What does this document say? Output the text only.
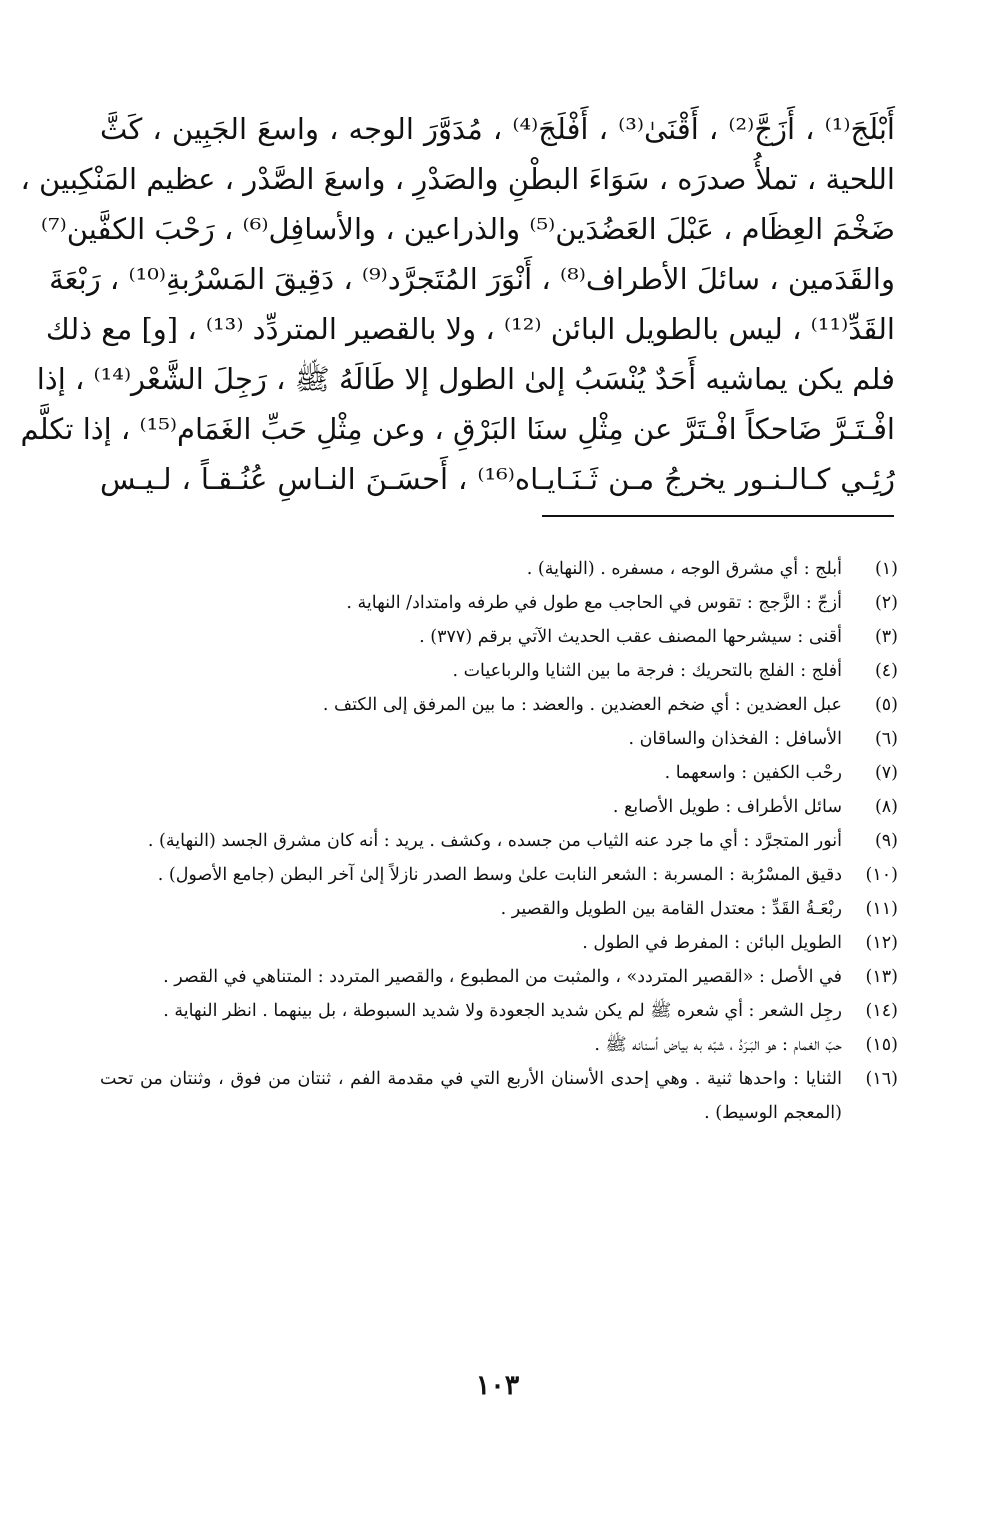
أَبْلَجَ⁽¹⁾ ، أَزَجَّ⁽²⁾ ، أَقْنَىٰ⁽³⁾ ، أَفْلَجَ⁽⁴⁾ ، مُدَوَّرَ الوجه ، واسعَ الجَبِين ، كَثَّ
اللحية ، تملأُ صدرَه ، سَوَاءَ البطْنِ والصَدْرِ ، واسعَ الصَّدْر ، عظيم المَنْكِبين ،
ضَخْمَ العِظَام ، عَبْلَ العَضُدَين⁽⁵⁾ والذراعين ، والأسافِل⁽⁶⁾ ، رَحْبَ الكفَّين⁽⁷⁾
والقَدَمين ، سائلَ الأطراف⁽⁸⁾ ، أَنْوَرَ المُتَجرَّد⁽⁹⁾ ، دَقِيقَ المَسْرُبةِ⁽¹⁰⁾ ، رَبْعَةَ
القَدِّ⁽¹¹⁾ ، ليس بالطويل البائن ⁽¹²⁾ ، ولا بالقصير المتردِّد ⁽¹³⁾ ، [و] مع ذلك
فلم يكن يماشيه أَحَدٌ يُنْسَبُ إلىٰ الطول إلا طَالَهُ ﷺ ، رَجِلَ الشَّعْر⁽¹⁴⁾ ، إذا
افْـتَـرَّ ضَاحكاً افْـتَرَّ عن مِثْلِ سنَا البَرْقِ ، وعن مِثْلِ حَبِّ الغَمَام⁽¹⁵⁾ ، إذا تكلَّم
رُئِـي كـالـنـور يخرجُ مـن ثَـنَـايـاه⁽¹⁶⁾ ، أَحسَـنَ النـاسِ عُنُـقـاً ، لـيـس
(١)
أبلج : أي مشرق الوجه ، مسفره . (النهاية) .
(٢)
أزجّ : الزَّجج : تقوس في الحاجب مع طول في طرفه وامتداد/ النهاية .
(٣)
أقنى : سيشرحها المصنف عقب الحديث الآتي برقم (٣٧٧) .
(٤)
أفلج : الفلج بالتحريك : فرجة ما بين الثنايا والرباعيات .
(٥)
عبل العضدين : أي ضخم العضدين . والعضد : ما بين المرفق إلى الكتف .
(٦)
الأسافل : الفخذان والساقان .
(٧)
رحْب الكفين : واسعهما .
(٨)
سائل الأطراف : طويل الأصابع .
(٩)
أنور المتجرَّد : أي ما جرد عنه الثياب من جسده ، وكشف . يريد : أنه كان مشرق الجسد (النهاية) .
(١٠)
دقيق المسْرُبة : المسربة : الشعر النابت علىٰ وسط الصدر نازلاً إلىٰ آخر البطن (جامع الأصول) .
(١١)
ربْعَـةُ القَدِّ : معتدل القامة بين الطويل والقصير .
(١٢)
الطويل البائن : المفرط في الطول .
(١٣)
في الأصل : «القصير المتردد» ، والمثبت من المطبوع ، والقصير المتردد : المتناهي في القصر .
(١٤)
رجِل الشعر : أي شعره ﷺ لم يكن شديد الجعودة ولا شديد السبوطة ، بل بينهما . انظر النهاية .
(١٥)
حبّ الغمام : هو البَـرَدُ ، شبّه به بياض أسنانه ﷺ .
(١٦)
الثنايا : واحدها ثنية . وهي إحدى الأسنان الأربع التي في مقدمة الفم ، ثنتان من فوق ، وثنتان من تحت (المعجم الوسيط) .
١٠٣
